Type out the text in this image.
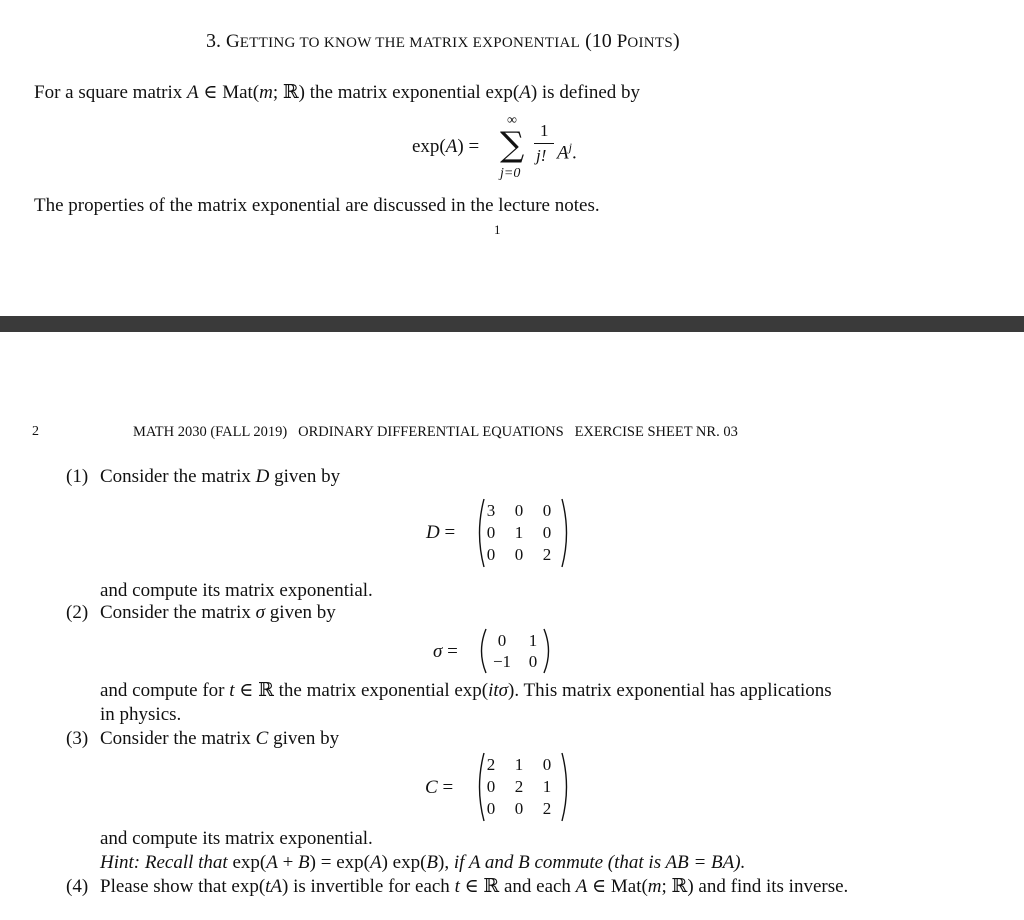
3. GETTING TO KNOW THE MATRIX EXPONENTIAL (10 POINTS)
For a square matrix A ∈ Mat(m; ℝ) the matrix exponential exp(A) is defined by
exp(A) =
∞
∑
j=0
1
j! $A^j$.
The properties of the matrix exponential are discussed in the lecture notes.
1
2	MATH 2030 (FALL 2019)   ORDINARY DIFFERENTIAL EQUATIONS   EXERCISE SHEET NR. 03
(1) Consider the matrix D given by
D =
3	0	0
0	1	0
0	0	2
and compute its matrix exponential.
(2) Consider the matrix σ given by
σ =
0	1
−1	0
and compute for t ∈ ℝ the matrix exponential exp(itσ). This matrix exponential has applications
in physics.
(3) Consider the matrix C given by
C =
2	1	0
0	2	1
0	0	2
and compute its matrix exponential.
Hint: Recall that exp(A + B) = exp(A) exp(B), if A and B commute (that is AB = BA).
(4) Please show that exp(tA) is invertible for each t ∈ ℝ and each A ∈ Mat(m; ℝ) and find its inverse.
